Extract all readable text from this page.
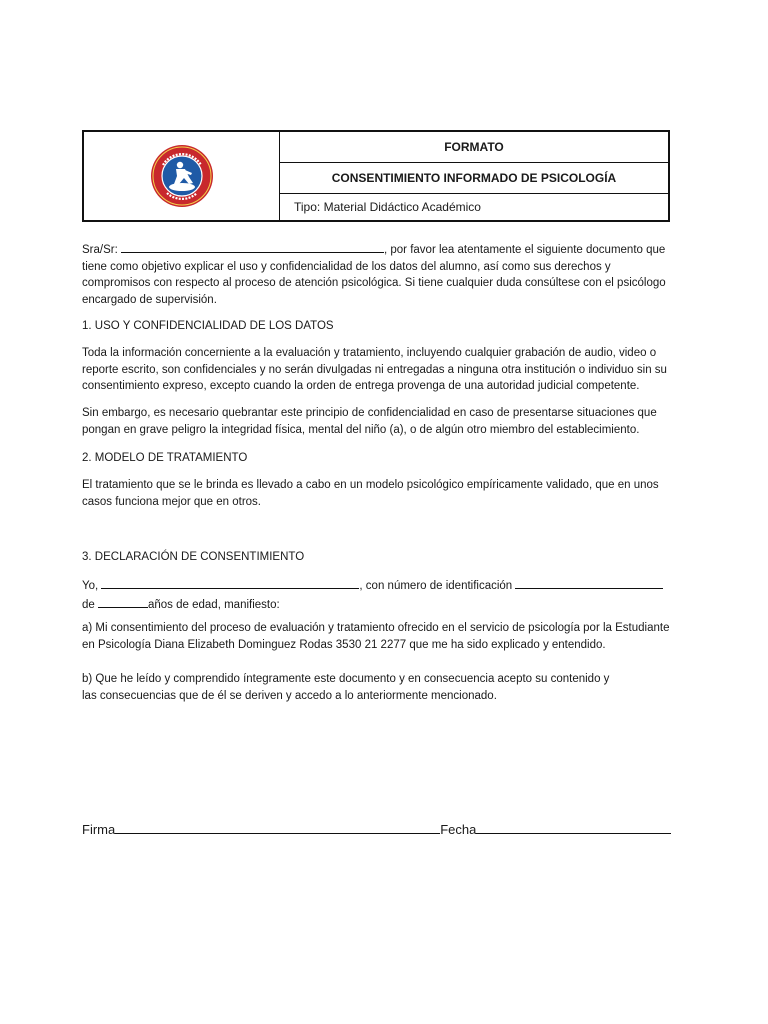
FORMATO
CONSENTIMIENTO INFORMADO DE PSICOLOGÍA
Tipo: Material Didáctico Académico
Sra/Sr:	, por favor lea atentamente el siguiente documento que
tiene como objetivo explicar el uso y confidencialidad de los datos del alumno, así como sus derechos y
compromisos con respecto al proceso de atención psicológica. Si tiene cualquier duda consúltese con el psicólogo
encargado de supervisión.
1. USO Y CONFIDENCIALIDAD DE LOS DATOS
Toda la información concerniente a la evaluación y tratamiento, incluyendo cualquier grabación de audio, video o
reporte escrito, son confidenciales y no serán divulgadas ni entregadas a ninguna otra institución o individuo sin su
consentimiento expreso, excepto cuando la orden de entrega provenga de una autoridad judicial competente.
Sin embargo, es necesario quebrantar este principio de confidencialidad en caso de presentarse situaciones que
pongan en grave peligro la integridad física, mental del niño (a), o de algún otro miembro del establecimiento.
2. MODELO DE TRATAMIENTO
El tratamiento que se le brinda es llevado a cabo en un modelo psicológico empíricamente validado, que en unos
casos funciona mejor que en otros.
3. DECLARACIÓN DE CONSENTIMIENTO
Yo,	, con número de identificación
de	años de edad, manifiesto:
a) Mi consentimiento del proceso de evaluación y tratamiento ofrecido en el servicio de psicología por la Estudiante
en Psicología Diana Elizabeth Dominguez Rodas 3530 21 2277 que me ha sido explicado y entendido.
b) Que he leído y comprendido íntegramente este documento y en consecuencia acepto su contenido y
las consecuencias que de él se deriven y accedo a lo anteriormente mencionado.
Firma	Fecha
